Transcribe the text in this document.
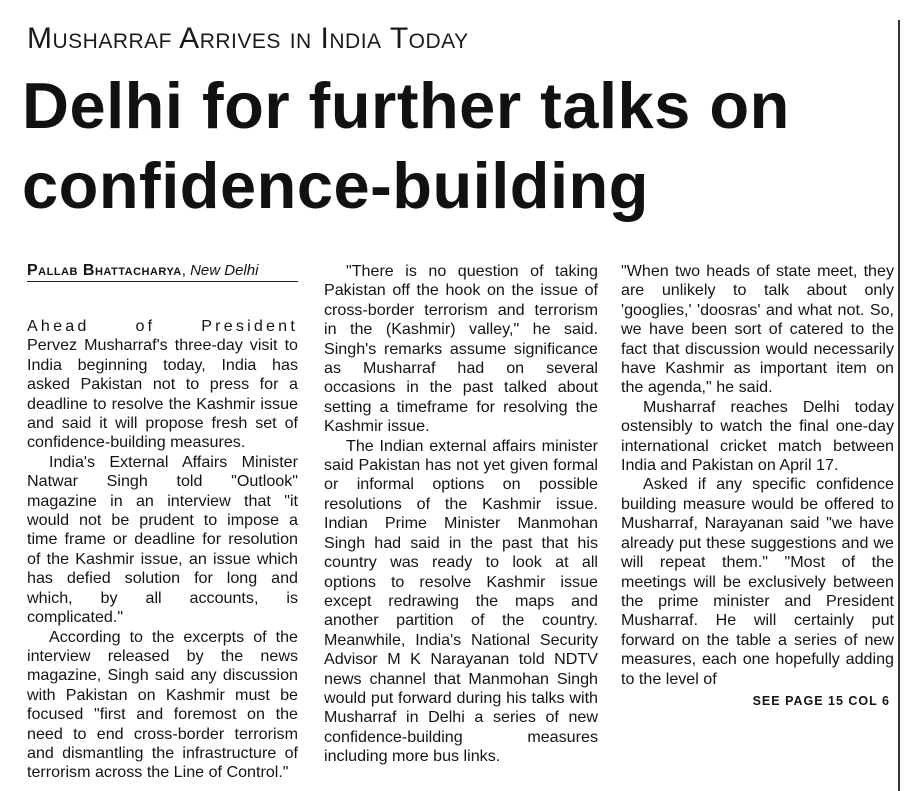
Musharraf Arrives in India Today
Delhi for further talks on confidence-building
Pallab Bhattacharya, New Delhi

Ahead of President Pervez Musharraf's three-day visit to India beginning today, India has asked Pakistan not to press for a deadline to resolve the Kashmir issue and said it will propose fresh set of confidence-building measures.

India's External Affairs Minister Natwar Singh told "Outlook" magazine in an interview that "it would not be prudent to impose a time frame or deadline for resolution of the Kashmir issue, an issue which has defied solution for long and which, by all accounts, is complicated."

According to the excerpts of the interview released by the news magazine, Singh said any discussion with Pakistan on Kashmir must be focused "first and foremost on the need to end cross-border terrorism and dismantling the infrastructure of terrorism across the Line of Control."

"There is no question of taking Pakistan off the hook on the issue of cross-border terrorism and terrorism in the (Kashmir) valley," he said. Singh's remarks assume significance as Musharraf had on several occasions in the past talked about setting a timeframe for resolving the Kashmir issue.

The Indian external affairs minister said Pakistan has not yet given formal or informal options on possible resolutions of the Kashmir issue. Indian Prime Minister Manmohan Singh had said in the past that his country was ready to look at all options to resolve Kashmir issue except redrawing the maps and another partition of the country. Meanwhile, India's National Security Advisor M K Narayanan told NDTV news channel that Manmohan Singh would put forward during his talks with Musharraf in Delhi a series of new confidence-building measures including more bus links.

"When two heads of state meet, they are unlikely to talk about only 'googlies,' 'doosras' and what not. So, we have been sort of catered to the fact that discussion would necessarily have Kashmir as important item on the agenda," he said.

Musharraf reaches Delhi today ostensibly to watch the final one-day international cricket match between India and Pakistan on April 17.

Asked if any specific confidence building measure would be offered to Musharraf, Narayanan said "we have already put these suggestions and we will repeat them." "Most of the meetings will be exclusively between the prime minister and President Musharraf. He will certainly put forward on the table a series of new measures, each one hopefully adding to the level of

SEE PAGE 15 COL 6
